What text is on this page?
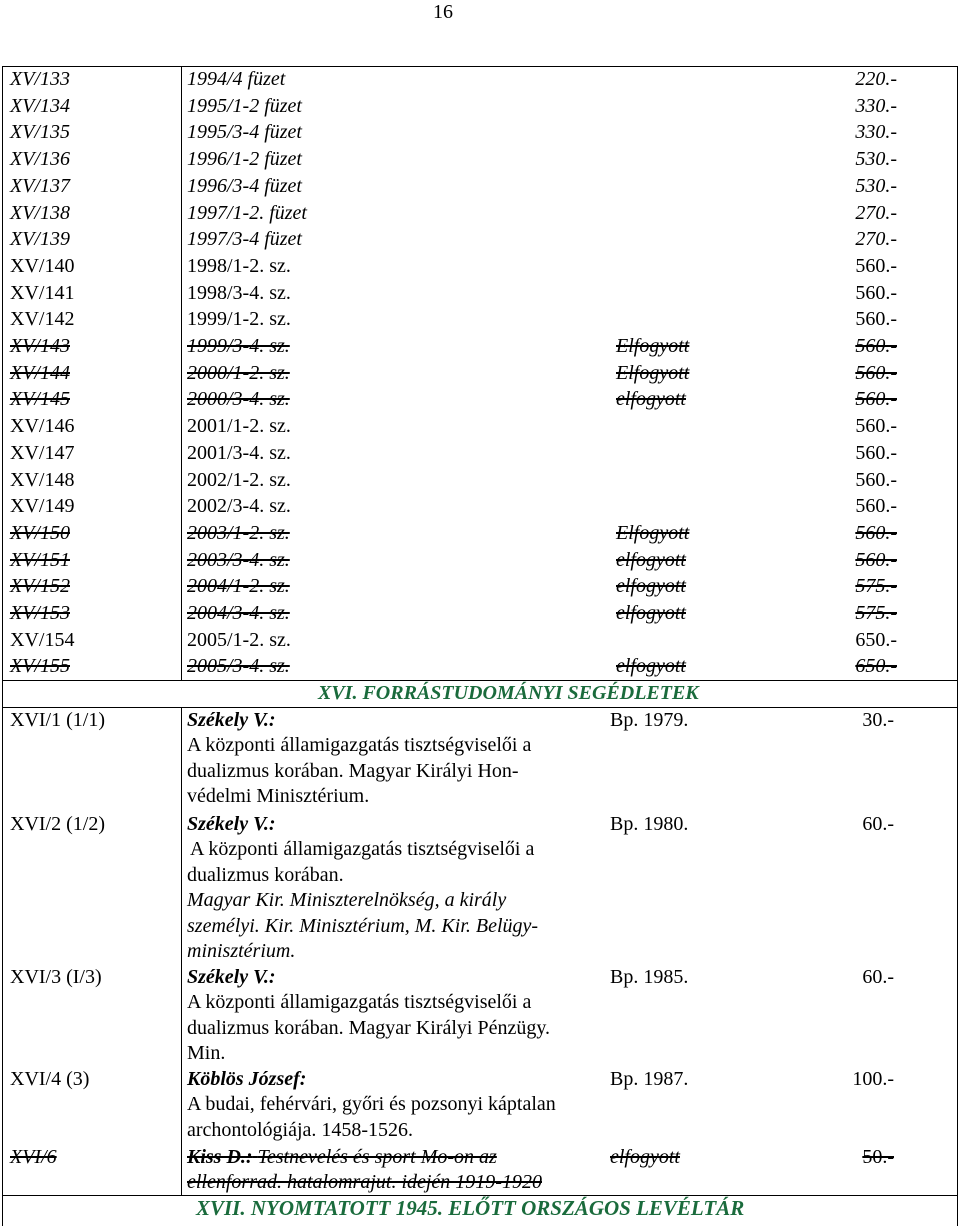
16
XV/133	1994/4 füzet	220.-
XV/134	1995/1-2 füzet	330.-
XV/135	1995/3-4 füzet	330.-
XV/136	1996/1-2 füzet	530.-
XV/137	1996/3-4 füzet	530.-
XV/138	1997/1-2. füzet	270.-
XV/139	1997/3-4 füzet	270.-
XV/140	1998/1-2. sz.	560.-
XV/141	1998/3-4. sz.	560.-
XV/142	1999/1-2. sz.	560.-
XV/143	1999/3-4. sz.	Elfogyott	560.-
XV/144	2000/1-2. sz.	Elfogyott	560.-
XV/145	2000/3-4. sz.	elfogyott	560.-
XV/146	2001/1-2. sz.	560.-
XV/147	2001/3-4. sz.	560.-
XV/148	2002/1-2. sz.	560.-
XV/149	2002/3-4. sz.	560.-
XV/150	2003/1-2. sz.	Elfogyott	560.-
XV/151	2003/3-4. sz.	elfogyott	560.-
XV/152	2004/1-2. sz.	elfogyott	575.-
XV/153	2004/3-4. sz.	elfogyott	575.-
XV/154	2005/1-2. sz.	650.-
XV/155	2005/3-4. sz.	elfogyott	650.-
XVI. FORRÁSTUDOMÁNYI SEGÉDLETEK
XVI/1 (1/1)	Székely V.:
A központi államigazgatás tisztségviselői a
dualizmus korában. Magyar Királyi Hon-
védelmi Minisztérium.
Bp. 1979.	30.-
XVI/2 (1/2)	Székely V.:
A központi államigazgatás tisztségviselői a
dualizmus korában.
Magyar Kir. Miniszterelnökség, a király
személyi. Kir. Minisztérium, M. Kir. Belügy-
minisztérium.
Bp. 1980.	60.-
XVI/3 (I/3)	Székely V.:
A központi államigazgatás tisztségviselői a
dualizmus korában. Magyar Királyi Pénzügy.
Min.
Bp. 1985.	60.-
XVI/4 (3)	Köblös József:
A budai, fehérvári, győri és pozsonyi káptalan
archontológiája. 1458-1526.
Bp. 1987.	100.-
XVI/6	Kiss D.: Testnevelés és sport Mo-on az
ellenforrad. hatalomrajut. idején 1919-1920
elfogyott	50.-
XVII. NYOMTATOTT 1945. ELŐTT ORSZÁGOS LEVÉLTÁR
